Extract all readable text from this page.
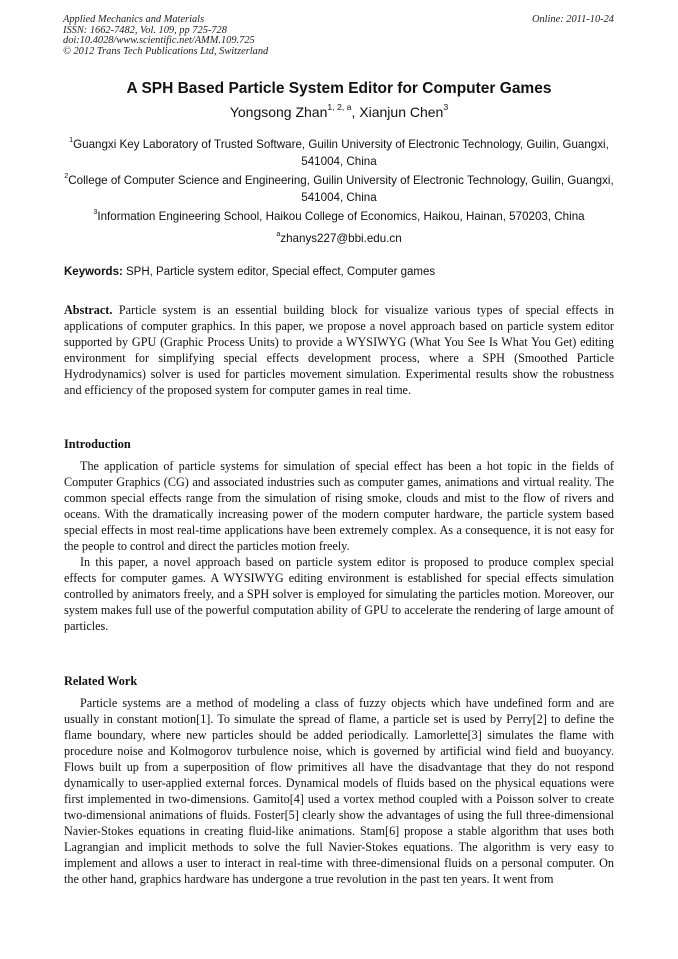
Applied Mechanics and Materials
ISSN: 1662-7482, Vol. 109, pp 725-728
doi:10.4028/www.scientific.net/AMM.109.725
© 2012 Trans Tech Publications Ltd, Switzerland
Online: 2011-10-24
A SPH Based Particle System Editor for Computer Games
Yongsong Zhan$^{1, 2, a}$, Xianjun Chen$^3$
$^1$Guangxi Key Laboratory of Trusted Software, Guilin University of Electronic Technology, Guilin, Guangxi, 541004, China
$^2$College of Computer Science and Engineering, Guilin University of Electronic Technology, Guilin, Guangxi, 541004, China
$^3$Information Engineering School, Haikou College of Economics, Haikou, Hainan, 570203, China
$^a$zhanys227@bbi.edu.cn
Keywords: SPH, Particle system editor, Special effect, Computer games

Abstract. Particle system is an essential building block for visualize various types of special effects in applications of computer graphics. In this paper, we propose a novel approach based on particle system editor supported by GPU (Graphic Process Units) to provide a WYSIWYG (What You See Is What You Get) editing environment for simplifying special effects development process, where a SPH (Smoothed Particle Hydrodynamics) solver is used for particles movement simulation. Experimental results show the robustness and efficiency of the proposed system for computer games in real time.

Introduction

The application of particle systems for simulation of special effect has been a hot topic in the fields of Computer Graphics (CG) and associated industries such as computer games, animations and virtual reality. The common special effects range from the simulation of rising smoke, clouds and mist to the flow of rivers and oceans. With the dramatically increasing power of the modern computer hardware, the particle system based special effects in most real-time applications have been extremely complex. As a consequence, it is not easy for the people to control and direct the particles motion freely.

In this paper, a novel approach based on particle system editor is proposed to produce complex special effects for computer games. A WYSIWYG editing environment is established for special effects simulation controlled by animators freely, and a SPH solver is employed for simulating the particles motion. Moreover, our system makes full use of the powerful computation ability of GPU to accelerate the rendering of large amount of particles.

Related Work

Particle systems are a method of modeling a class of fuzzy objects which have undefined form and are usually in constant motion[1]. To simulate the spread of flame, a particle set is used by Perry[2] to define the flame boundary, where new particles should be added periodically. Lamorlette[3] simulates the flame with procedure noise and Kolmogorov turbulence noise, which is governed by artificial wind field and buoyancy. Flows built up from a superposition of flow primitives all have the disadvantage that they do not respond dynamically to user-applied external forces. Dynamical models of fluids based on the physical equations were first implemented in two-dimensions. Gamito[4] used a vortex method coupled with a Poisson solver to create two-dimensional animations of fluids. Foster[5] clearly show the advantages of using the full three-dimensional Navier-Stokes equations in creating fluid-like animations. Stam[6] propose a stable algorithm that uses both Lagrangian and implicit methods to solve the full Navier-Stokes equations. The algorithm is very easy to implement and allows a user to interact in real-time with three-dimensional fluids on a personal computer. On the other hand, graphics hardware has undergone a true revolution in the past ten years. It went from
